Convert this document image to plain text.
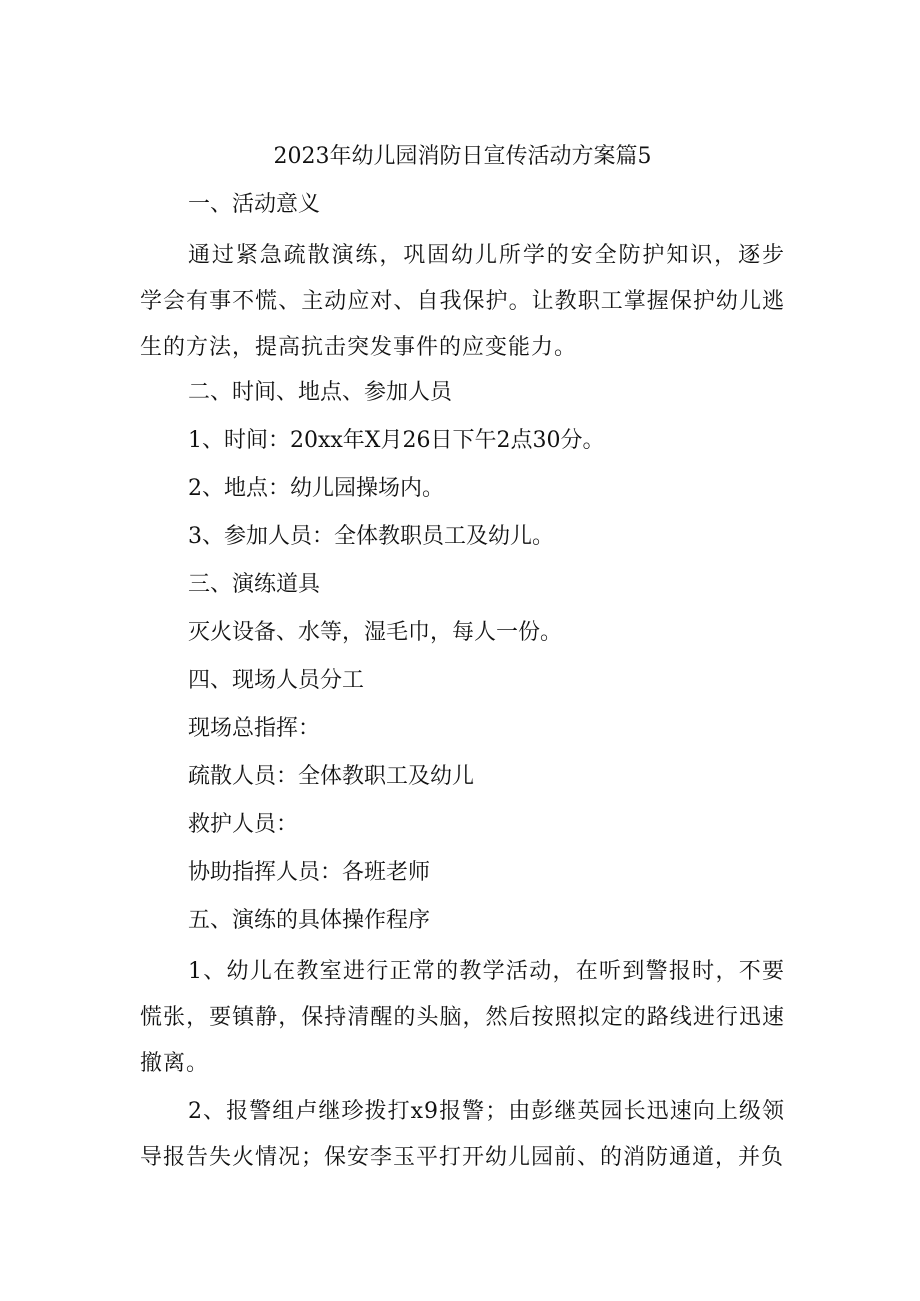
2023年幼儿园消防日宣传活动方案篇5
一、活动意义
通过紧急疏散演练，巩固幼儿所学的安全防护知识，逐步学会有事不慌、主动应对、自我保护。让教职工掌握保护幼儿逃生的方法，提高抗击突发事件的应变能力。
二、时间、地点、参加人员
1、时间：20xx年X月26日下午2点30分。
2、地点：幼儿园操场内。
3、参加人员：全体教职员工及幼儿。
三、演练道具
灭火设备、水等，湿毛巾，每人一份。
四、现场人员分工
现场总指挥：
疏散人员：全体教职工及幼儿
救护人员：
协助指挥人员：各班老师
五、演练的具体操作程序
1、幼儿在教室进行正常的教学活动，在听到警报时，不要慌张，要镇静，保持清醒的头脑，然后按照拟定的路线进行迅速撤离。
2、报警组卢继珍拨打x9报警；由彭继英园长迅速向上级领导报告失火情况；保安李玉平打开幼儿园前、的消防通道，并负
